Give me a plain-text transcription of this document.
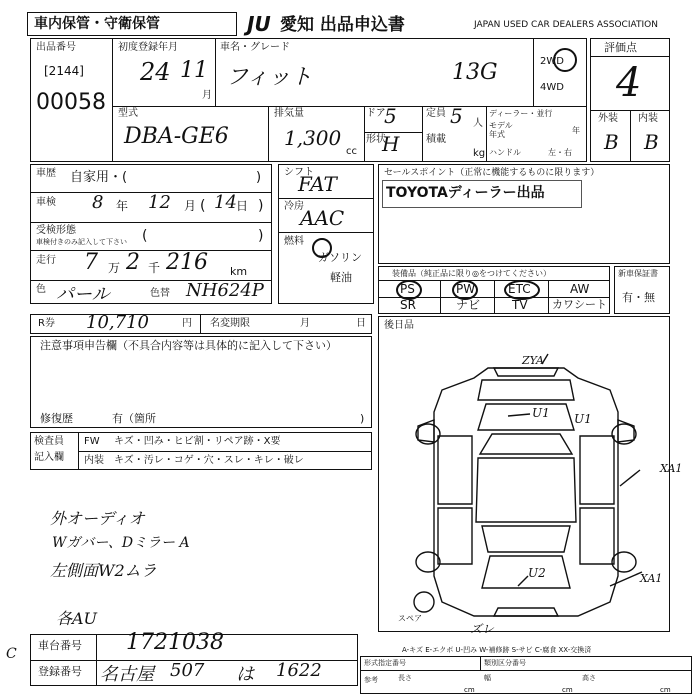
車内保管・守衛保管	JU 愛知 出品申込書	JAPAN USED CAR DEALERS ASSOCIATION
出品番号
[2144]
00058
初度登録年月
24 11
月
車名・グレード
フィット	13G	2WD
4WD
評価点
4
外装 内装
B B
型式
DBA-GE6
排気量
1,300
cc
ドア
5
形状
H
定員 5 人
積載
kg
ディーラー・並行
モデル
年式	年
ハンドル	左・右
車歴 自家用・(	)
車検 8 年 12 月 ( 14 日 )
受検形態
車検付きのみ記入して下さい (	)
走行 7 万 2 千 216 km
色 パール	色替 NH624P
シフト
FAT
冷房
AAC
燃料
ガソリン
軽油
セールスポイント（正常に機能するものに限ります）
TOYOTAディーラー出品
装備品（純正品に限り◎をつけてください）
PS	PW	ETC	AW
SR	ナビ	TV カワシート
新車保証書
有・無
R券 10,710	円 名変期限	月	日
注意事項申告欄（不具合内容等は具体的に記入して下さい）
修復歴	有（箇所	)
検査員
記入欄
FW キズ・凹み・ヒビ割・リペア跡・X要
内装 キズ・汚レ・コゲ・穴・スレ・キレ・破レ
外オーディオ
Wガバー、Dミラー A
左側面W2ムラ
各AU
C
後日品
ZYA
U1 U1
XA1
U2	XA1
スペア
ズレ
車台番号 1721038
登録番号 名古屋 507 は 1622
A-キズ E-エクボ U-凹み W-補修跡 S-サビ C-腐食 XX-交換済
形式指定番号	類別区分番号
参考	長さ
cm
幅
cm
高さ
cm
